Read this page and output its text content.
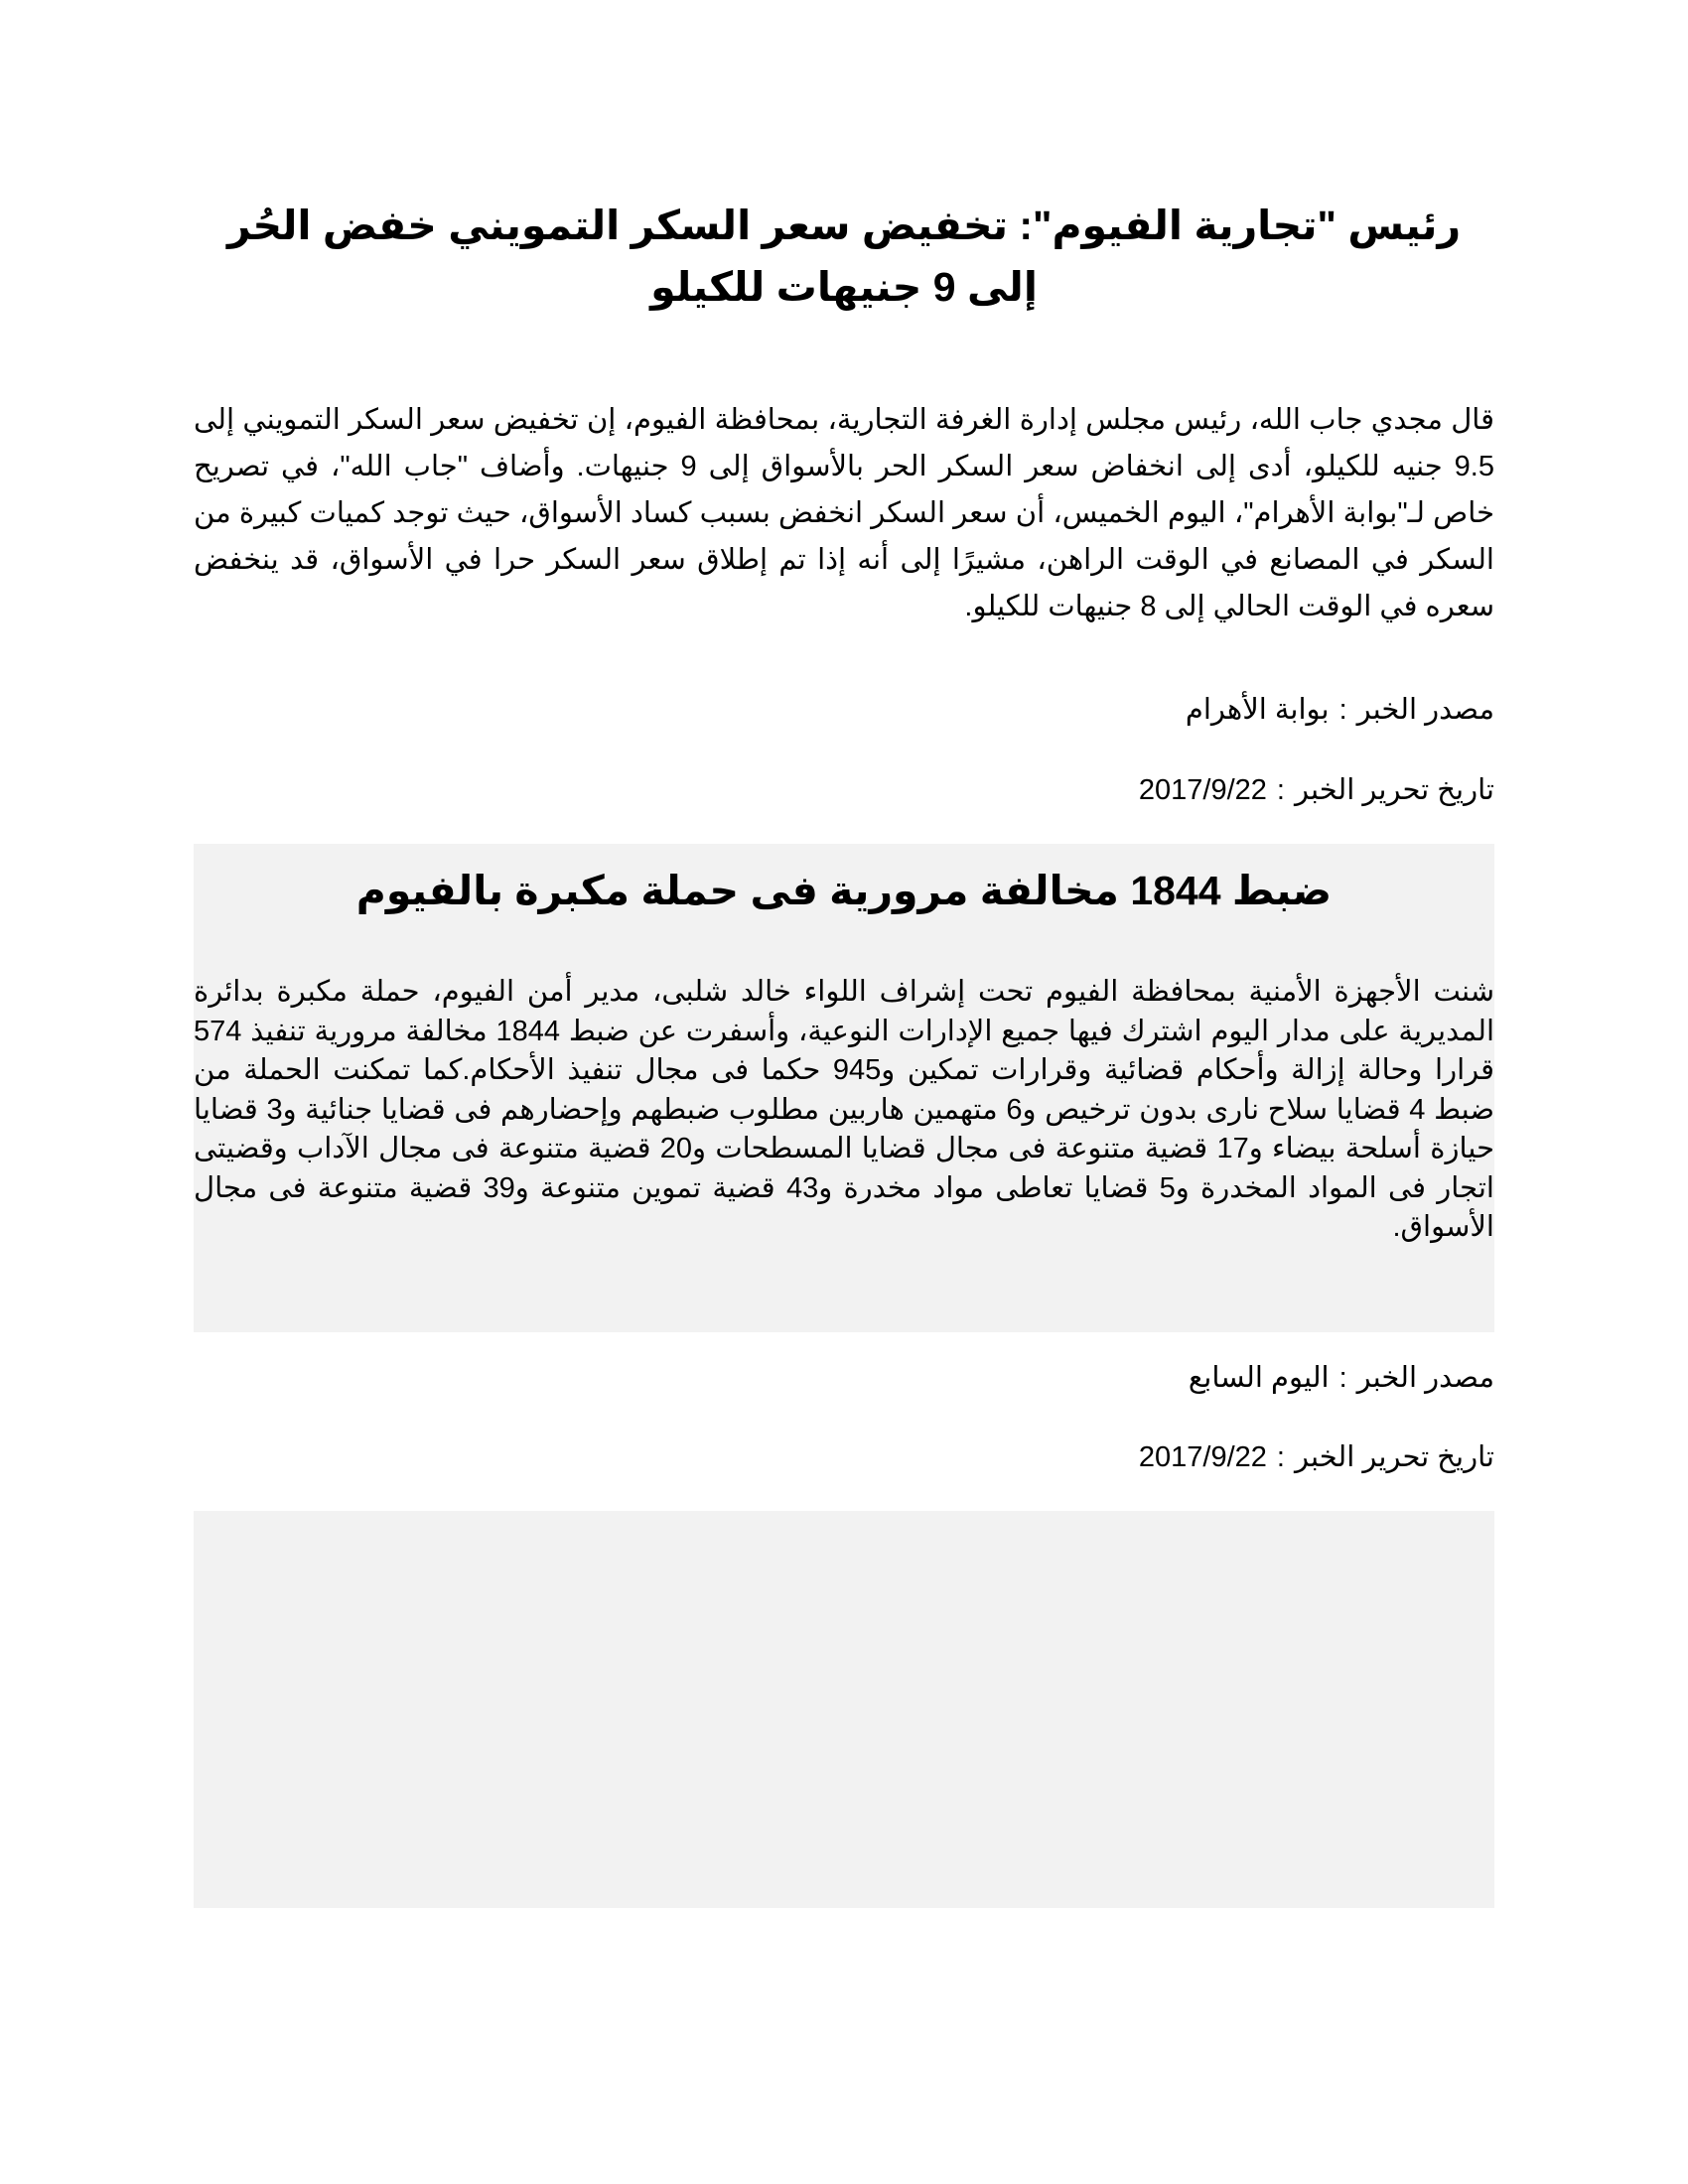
رئيس "تجارية الفيوم": تخفيض سعر السكر التمويني خفض الحُر إلى 9 جنيهات للكيلو

قال مجدي جاب الله، رئيس مجلس إدارة الغرفة التجارية، بمحافظة الفيوم، إن تخفيض سعر السكر التمويني إلى 9.5 جنيه للكيلو، أدى إلى انخفاض سعر السكر الحر بالأسواق إلى 9 جنيهات. وأضاف "جاب الله"، في تصريح خاص لـ"بوابة الأهرام"، اليوم الخميس، أن سعر السكر انخفض بسبب كساد الأسواق، حيث توجد كميات كبيرة من السكر في المصانع في الوقت الراهن، مشيرًا إلى أنه إذا تم إطلاق سعر السكر حرا في الأسواق، قد ينخفض سعره في الوقت الحالي إلى 8 جنيهات للكيلو.

مصدر الخبر:بوابة الأهرام

تاريخ تحرير الخبر:2017/9/22

ضبط 1844 مخالفة مرورية فى حملة مكبرة بالفيوم

شنت الأجهزة الأمنية بمحافظة الفيوم تحت إشراف اللواء خالد شلبى، مدير أمن الفيوم، حملة مكبرة بدائرة المديرية على مدار اليوم اشترك فيها جميع الإدارات النوعية، وأسفرت عن ضبط 1844 مخالفة مرورية تنفيذ 574 قرارا وحالة إزالة وأحكام قضائية وقرارات تمكين و945 حكما فى مجال تنفيذ الأحكام.كما تمكنت الحملة من ضبط 4 قضايا سلاح نارى بدون ترخيص و6 متهمين هاربين مطلوب ضبطهم وإحضارهم فى قضايا جنائية و3 قضايا حيازة أسلحة بيضاء و17 قضية متنوعة فى مجال قضايا المسطحات و20 قضية متنوعة فى مجال الآداب وقضيتى اتجار فى المواد المخدرة و5 قضايا تعاطى مواد مخدرة و43 قضية تموين متنوعة و39 قضية متنوعة فى مجال الأسواق.

مصدر الخبر:اليوم السابع

تاريخ تحرير الخبر:2017/9/22
